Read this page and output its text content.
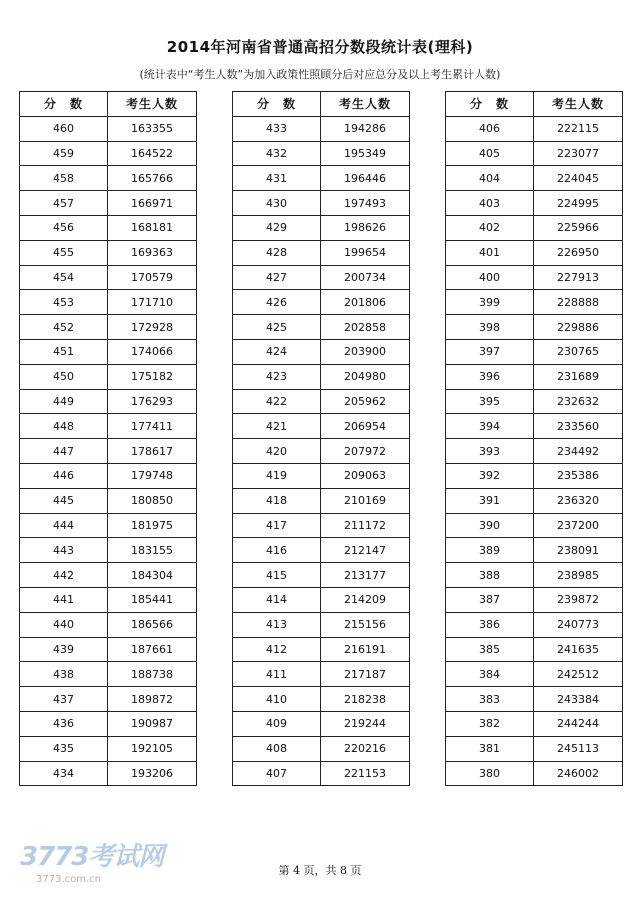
2014年河南省普通高招分数段统计表(理科)
(统计表中“考生人数”为加入政策性照顾分后对应总分及以上考生累计人数)
分　数	考生人数
460	163355
459	164522
458	165766
457	166971
456	168181
455	169363
454	170579
453	171710
452	172928
451	174066
450	175182
449	176293
448	177411
447	178617
446	179748
445	180850
444	181975
443	183155
442	184304
441	185441
440	186566
439	187661
438	188738
437	189872
436	190987
435	192105
434	193206
分　数	考生人数
433	194286
432	195349
431	196446
430	197493
429	198626
428	199654
427	200734
426	201806
425	202858
424	203900
423	204980
422	205962
421	206954
420	207972
419	209063
418	210169
417	211172
416	212147
415	213177
414	214209
413	215156
412	216191
411	217187
410	218238
409	219244
408	220216
407	221153
分　数	考生人数
406	222115
405	223077
404	224045
403	224995
402	225966
401	226950
400	227913
399	228888
398	229886
397	230765
396	231689
395	232632
394	233560
393	234492
392	235386
391	236320
390	237200
389	238091
388	238985
387	239872
386	240773
385	241635
384	242512
383	243384
382	244244
381	245113
380	246002
3773考试网
3773.com.cn
第 4 页，共 8 页
